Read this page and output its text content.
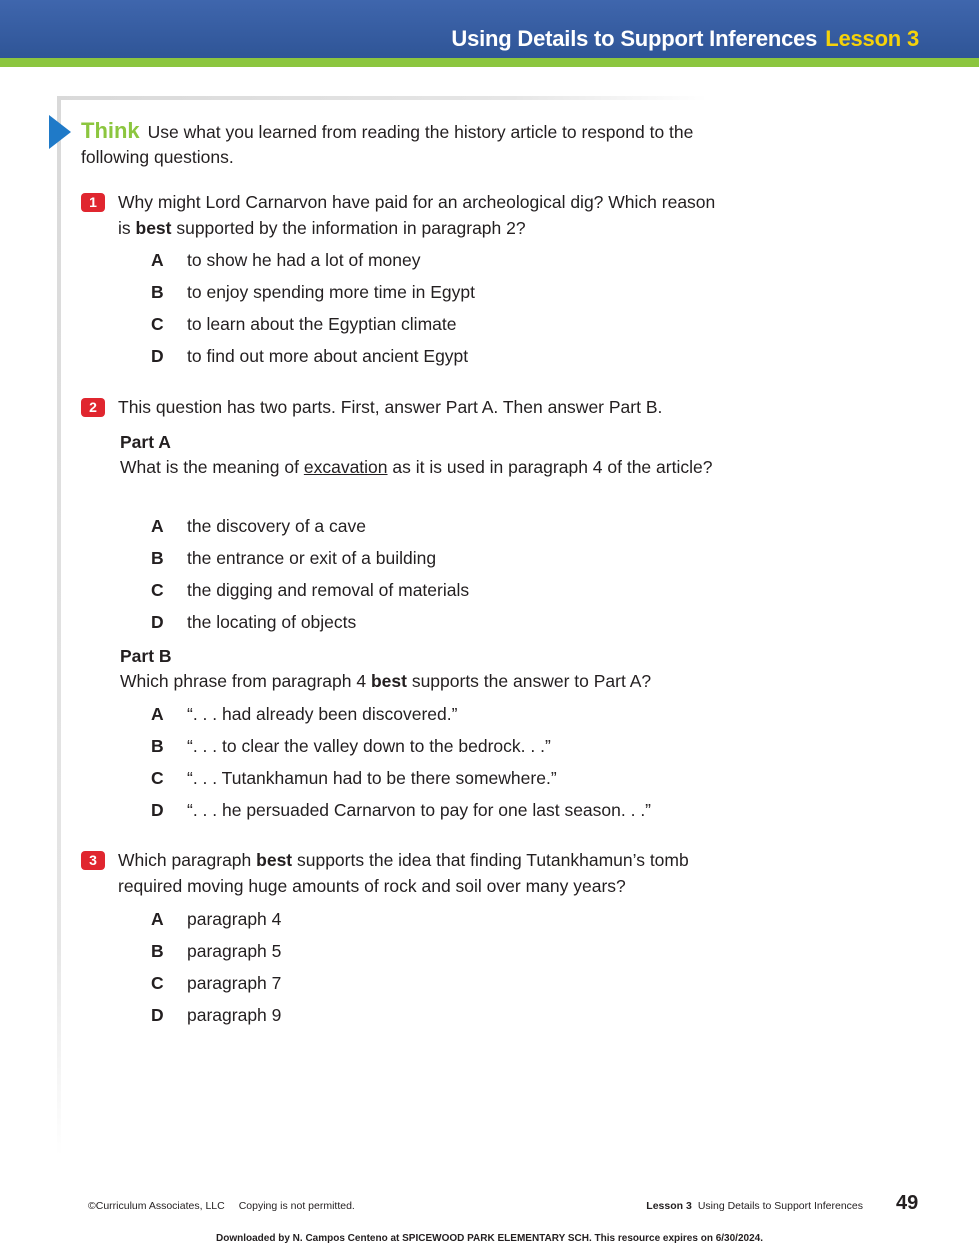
Using Details to Support Inferences Lesson 3
Think Use what you learned from reading the history article to respond to the following questions.
1	Why might Lord Carnarvon have paid for an archeological dig? Which reason is best supported by the information in paragraph 2?
A to show he had a lot of money
B to enjoy spending more time in Egypt
C to learn about the Egyptian climate
D to find out more about ancient Egypt
2	This question has two parts. First, answer Part A. Then answer Part B.
Part A
What is the meaning of excavation as it is used in paragraph 4 of the article?
A the discovery of a cave
B the entrance or exit of a building
C the digging and removal of materials
D the locating of objects
Part B
Which phrase from paragraph 4 best supports the answer to Part A?
A “. . . had already been discovered.”
B “. . . to clear the valley down to the bedrock. . .”
C “. . . Tutankhamun had to be there somewhere.”
D “. . . he persuaded Carnarvon to pay for one last season. . .”
3	Which paragraph best supports the idea that finding Tutankhamun’s tomb required moving huge amounts of rock and soil over many years?
A paragraph 4
B paragraph 5
C paragraph 7
D paragraph 9
©Curriculum Associates, LLC Copying is not permitted.	Lesson 3 Using Details to Support Inferences 49
Downloaded by N. Campos Centeno at SPICEWOOD PARK ELEMENTARY SCH. This resource expires on 6/30/2024.
